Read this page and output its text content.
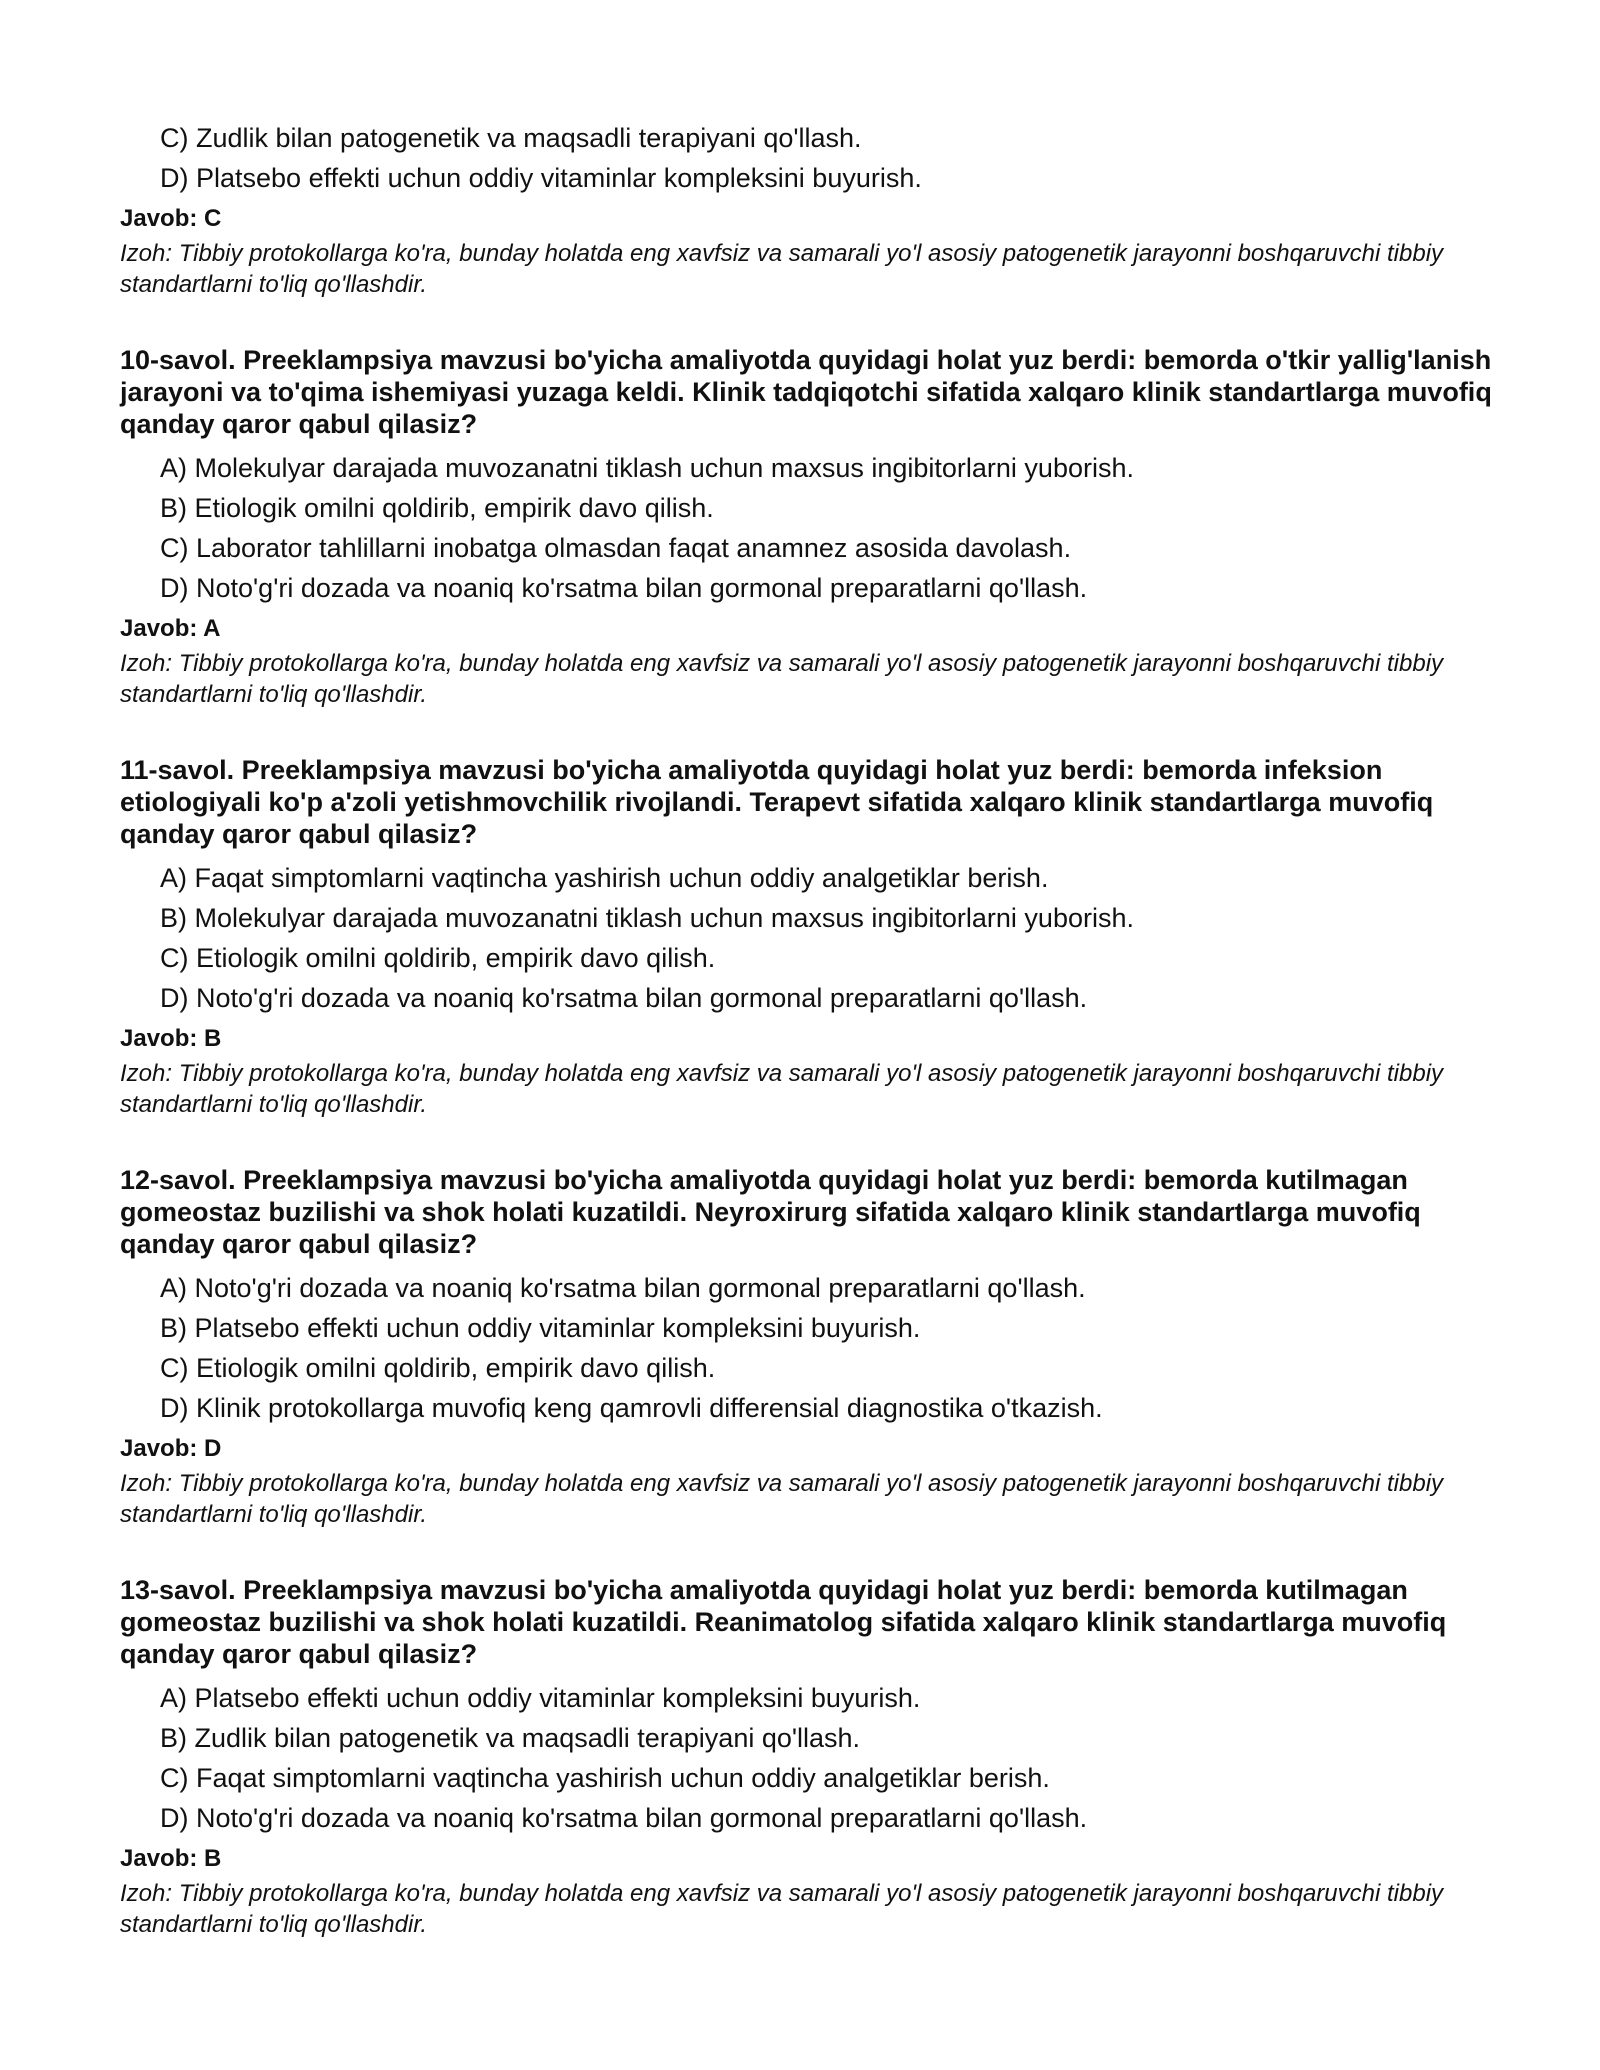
C) Zudlik bilan patogenetik va maqsadli terapiyani qo'llash.
D) Platsebo effekti uchun oddiy vitaminlar kompleksini buyurish.
Javob: C
Izoh: Tibbiy protokollarga ko'ra, bunday holatda eng xavfsiz va samarali yo'l asosiy patogenetik jarayonni boshqaruvchi tibbiy standartlarni to'liq qo'llashdir.
10-savol. Preeklampsiya mavzusi bo'yicha amaliyotda quyidagi holat yuz berdi: bemorda o'tkir yallig'lanish jarayoni va to'qima ishemiyasi yuzaga keldi. Klinik tadqiqotchi sifatida xalqaro klinik standartlarga muvofiq qanday qaror qabul qilasiz?
A) Molekulyar darajada muvozanatni tiklash uchun maxsus ingibitorlarni yuborish.
B) Etiologik omilni qoldirib, empirik davo qilish.
C) Laborator tahlillarni inobatga olmasdan faqat anamnez asosida davolash.
D) Noto'g'ri dozada va noaniq ko'rsatma bilan gormonal preparatlarni qo'llash.
Javob: A
Izoh: Tibbiy protokollarga ko'ra, bunday holatda eng xavfsiz va samarali yo'l asosiy patogenetik jarayonni boshqaruvchi tibbiy standartlarni to'liq qo'llashdir.
11-savol. Preeklampsiya mavzusi bo'yicha amaliyotda quyidagi holat yuz berdi: bemorda infeksion etiologiyali ko'p a'zoli yetishmovchilik rivojlandi. Terapevt sifatida xalqaro klinik standartlarga muvofiq qanday qaror qabul qilasiz?
A) Faqat simptomlarni vaqtincha yashirish uchun oddiy analgetiklar berish.
B) Molekulyar darajada muvozanatni tiklash uchun maxsus ingibitorlarni yuborish.
C) Etiologik omilni qoldirib, empirik davo qilish.
D) Noto'g'ri dozada va noaniq ko'rsatma bilan gormonal preparatlarni qo'llash.
Javob: B
Izoh: Tibbiy protokollarga ko'ra, bunday holatda eng xavfsiz va samarali yo'l asosiy patogenetik jarayonni boshqaruvchi tibbiy standartlarni to'liq qo'llashdir.
12-savol. Preeklampsiya mavzusi bo'yicha amaliyotda quyidagi holat yuz berdi: bemorda kutilmagan gomeostaz buzilishi va shok holati kuzatildi. Neyroxirurg sifatida xalqaro klinik standartlarga muvofiq qanday qaror qabul qilasiz?
A) Noto'g'ri dozada va noaniq ko'rsatma bilan gormonal preparatlarni qo'llash.
B) Platsebo effekti uchun oddiy vitaminlar kompleksini buyurish.
C) Etiologik omilni qoldirib, empirik davo qilish.
D) Klinik protokollarga muvofiq keng qamrovli differensial diagnostika o'tkazish.
Javob: D
Izoh: Tibbiy protokollarga ko'ra, bunday holatda eng xavfsiz va samarali yo'l asosiy patogenetik jarayonni boshqaruvchi tibbiy standartlarni to'liq qo'llashdir.
13-savol. Preeklampsiya mavzusi bo'yicha amaliyotda quyidagi holat yuz berdi: bemorda kutilmagan gomeostaz buzilishi va shok holati kuzatildi. Reanimatolog sifatida xalqaro klinik standartlarga muvofiq qanday qaror qabul qilasiz?
A) Platsebo effekti uchun oddiy vitaminlar kompleksini buyurish.
B) Zudlik bilan patogenetik va maqsadli terapiyani qo'llash.
C) Faqat simptomlarni vaqtincha yashirish uchun oddiy analgetiklar berish.
D) Noto'g'ri dozada va noaniq ko'rsatma bilan gormonal preparatlarni qo'llash.
Javob: B
Izoh: Tibbiy protokollarga ko'ra, bunday holatda eng xavfsiz va samarali yo'l asosiy patogenetik jarayonni boshqaruvchi tibbiy standartlarni to'liq qo'llashdir.
